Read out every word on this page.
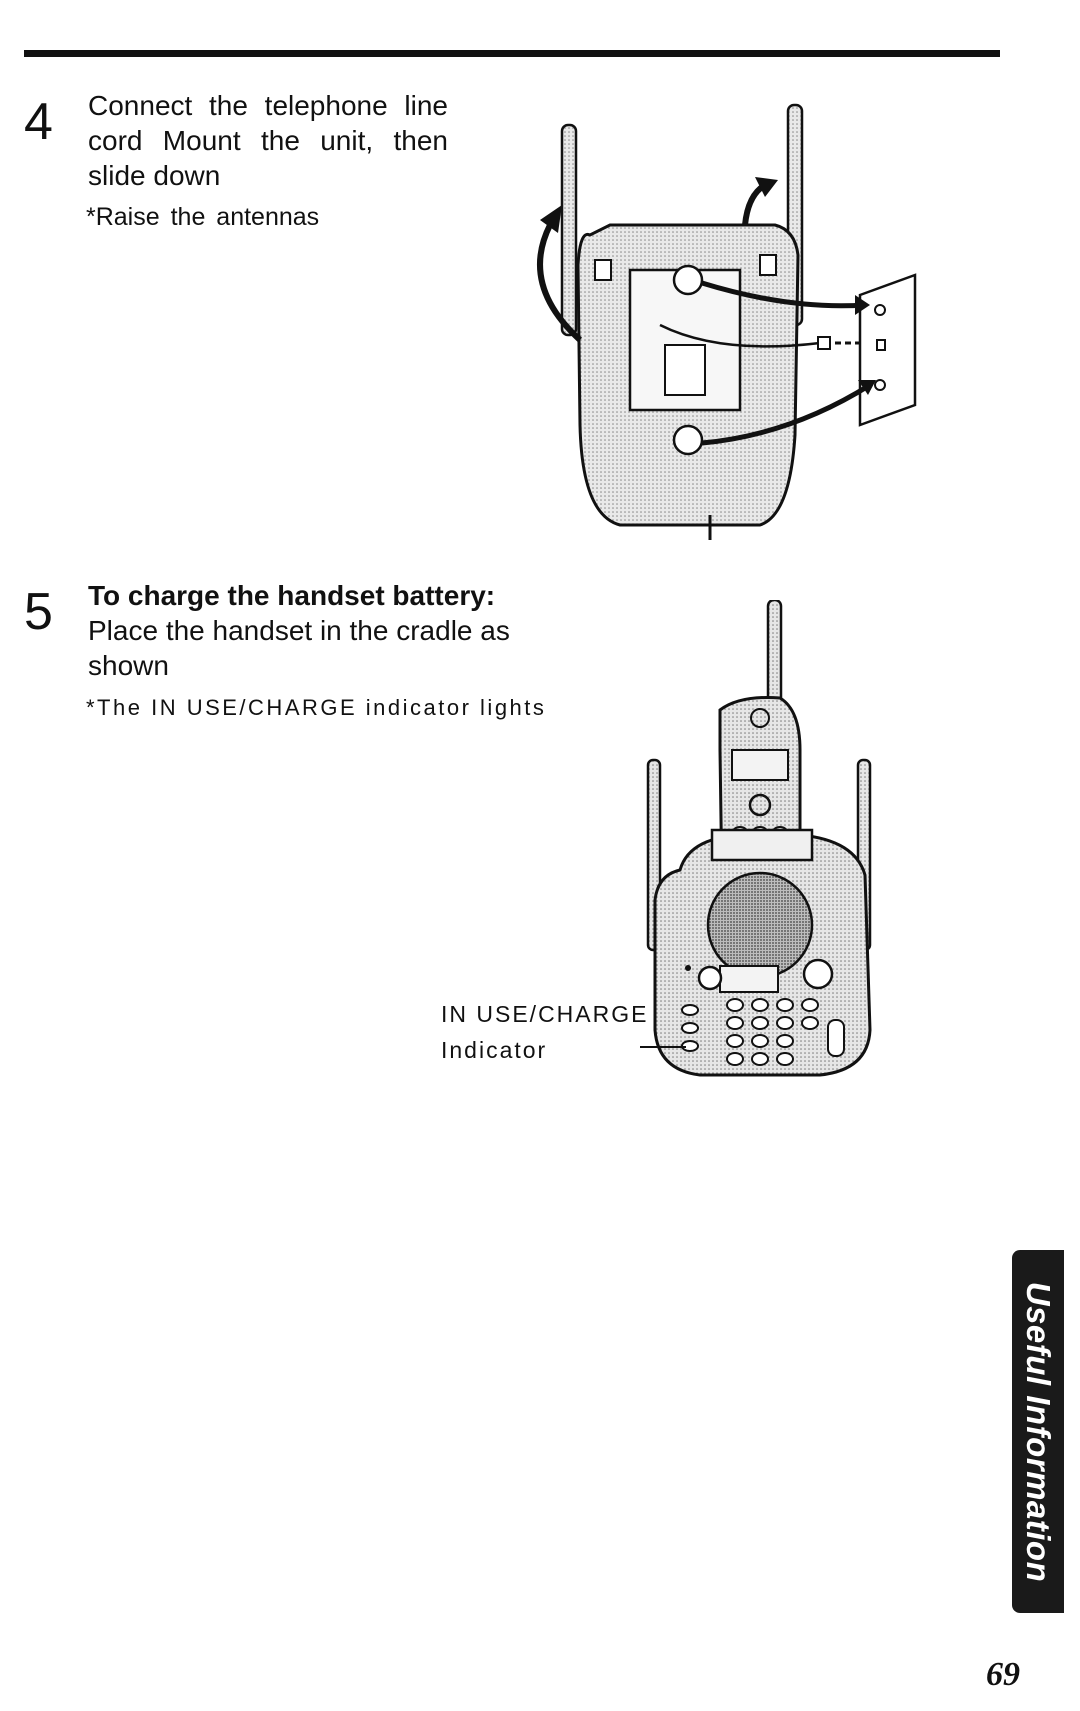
4 Connect the telephone line cord Mount the unit, then slide down
*Raise the antennas
5 To charge the handset battery:
Place the handset in the cradle as shown
*The IN USE/CHARGE indicator lights
IN USE/CHARGE
Indicator
Useful Information
69
